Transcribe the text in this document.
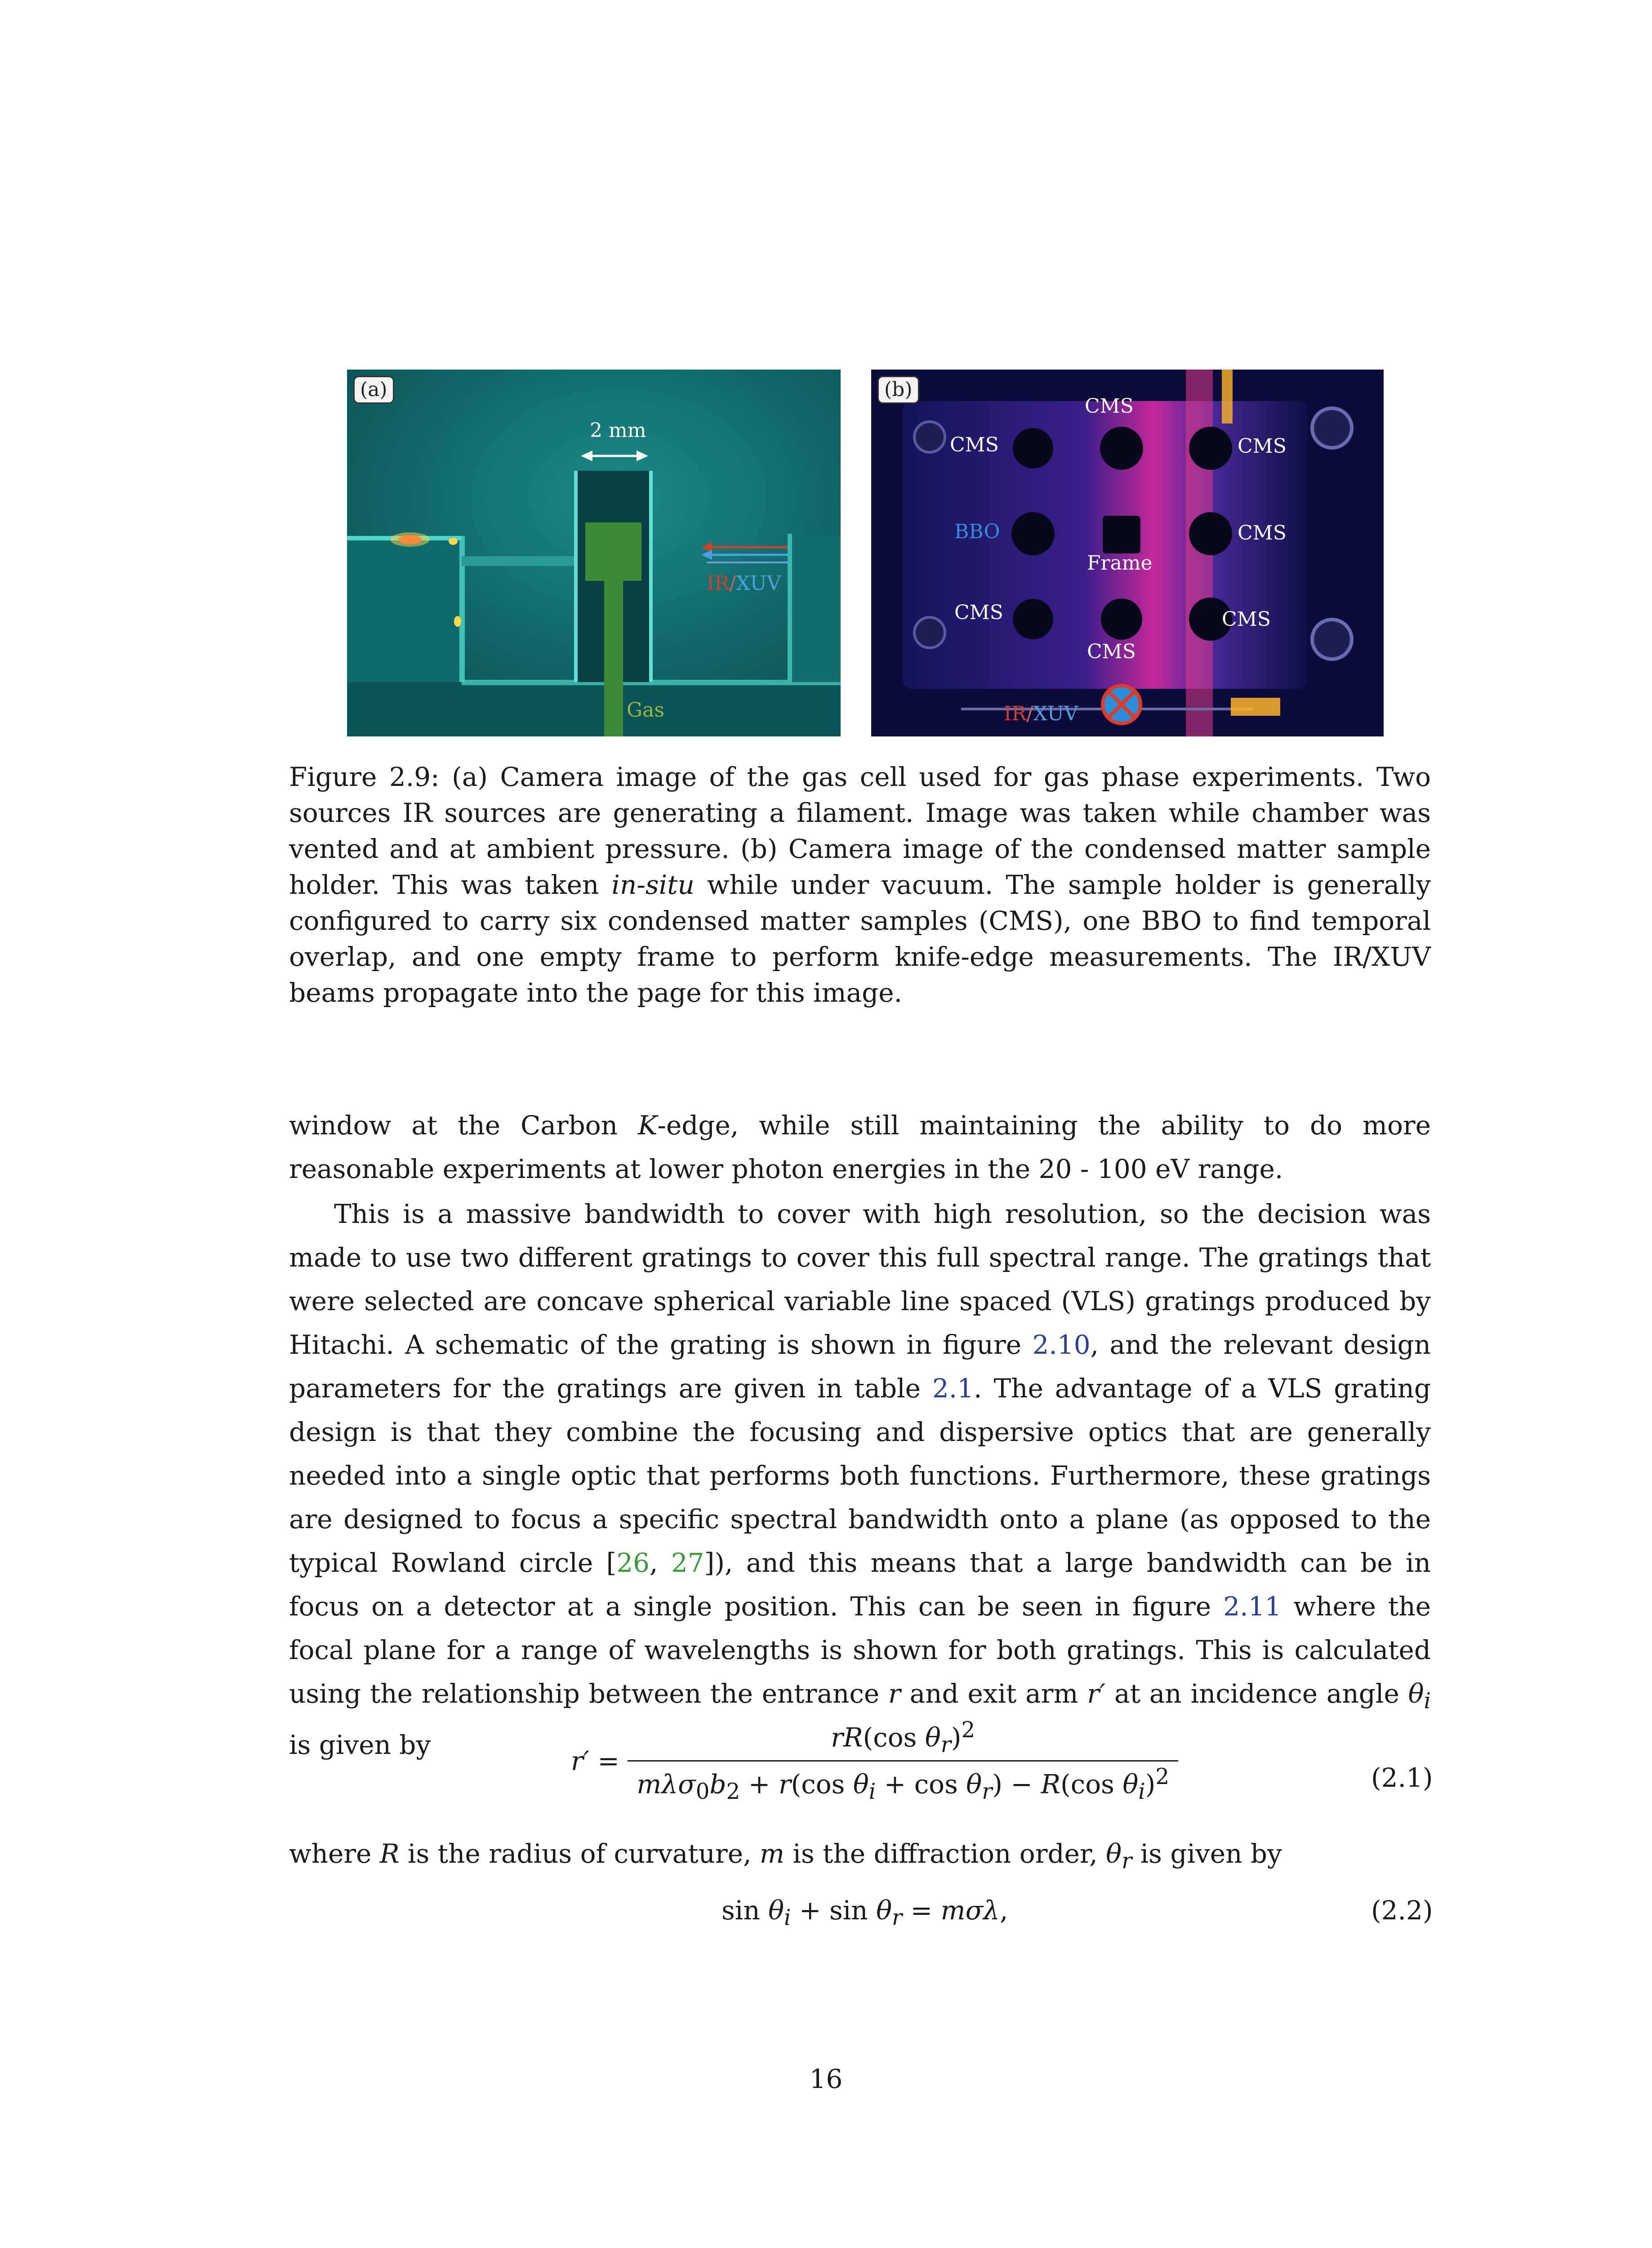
(a)
2 mm
IR/XUV
Gas
(b)
CMS
CMS	CMS
BBO	CMS
Frame
CMS	CMS
CMS
IR/XUV

Figure 2.9: (a) Camera image of the gas cell used for gas phase experiments. Two sources IR sources are generating a filament. Image was taken while chamber was vented and at ambient pressure. (b) Camera image of the condensed matter sample holder. This was taken in-situ while under vacuum. The sample holder is generally configured to carry six condensed matter samples (CMS), one BBO to find temporal overlap, and one empty frame to perform knife-edge measurements. The IR/XUV beams propagate into the page for this image.

window at the Carbon K-edge, while still maintaining the ability to do more reasonable experiments at lower photon energies in the 20 - 100 eV range.

This is a massive bandwidth to cover with high resolution, so the decision was made to use two different gratings to cover this full spectral range. The gratings that were selected are concave spherical variable line spaced (VLS) gratings produced by Hitachi. A schematic of the grating is shown in figure 2.10, and the relevant design parameters for the gratings are given in table 2.1. The advantage of a VLS grating design is that they combine the focusing and dispersive optics that are generally needed into a single optic that performs both functions. Furthermore, these gratings are designed to focus a specific spectral bandwidth onto a plane (as opposed to the typical Rowland circle [26, 27]), and this means that a large bandwidth can be in focus on a detector at a single position. This can be seen in figure 2.11 where the focal plane for a range of wavelengths is shown for both gratings. This is calculated using the relationship between the entrance r and exit arm r′ at an incidence angle $\theta_i$ is given by

$r' = \frac{rR(\cos \theta_r)^2}{m\lambda\sigma_0b_2 + r(\cos \theta_i + \cos \theta_r) - R(\cos \theta_i)^2}$	(2.1)

where R is the radius of curvature, m is the diffraction order, $\theta_r$ is given by

$\sin \theta_i + \sin \theta_r = m\sigma\lambda$,	(2.2)
16
